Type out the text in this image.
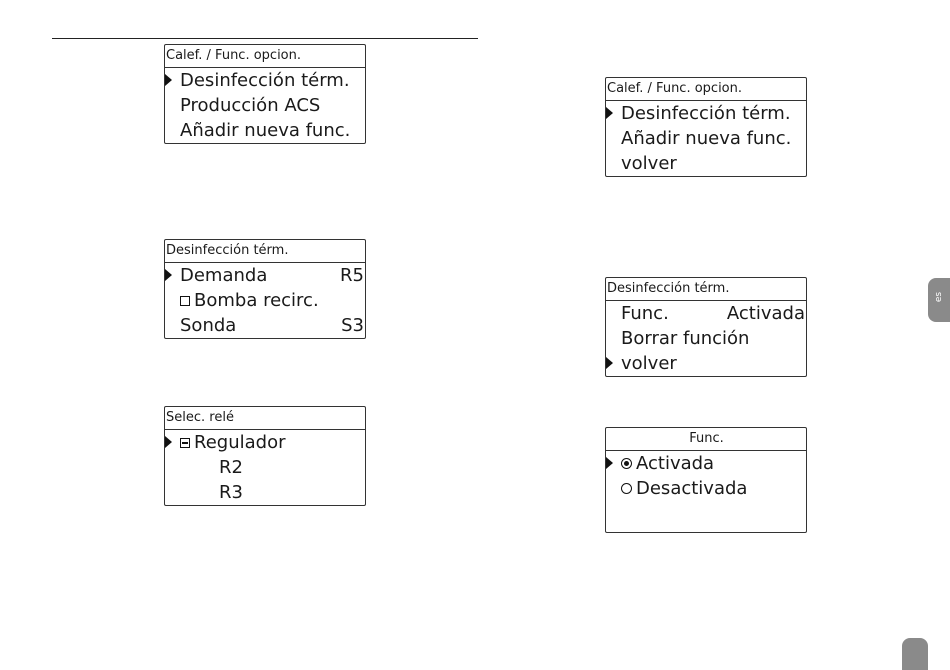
Calef. / Func. opcion.
Desinfección térm.
Producción ACS
Añadir nueva func.
Desinfección térm.
Demanda	R5
Bomba recirc.
Sonda	S3
Selec. relé
Regulador
R2
R3
Calef. / Func. opcion.
Desinfección térm.
Añadir nueva func.
volver
Desinfección térm.
Func.	Activada
Borrar función
volver
Func.
Activada
Desactivada
es
